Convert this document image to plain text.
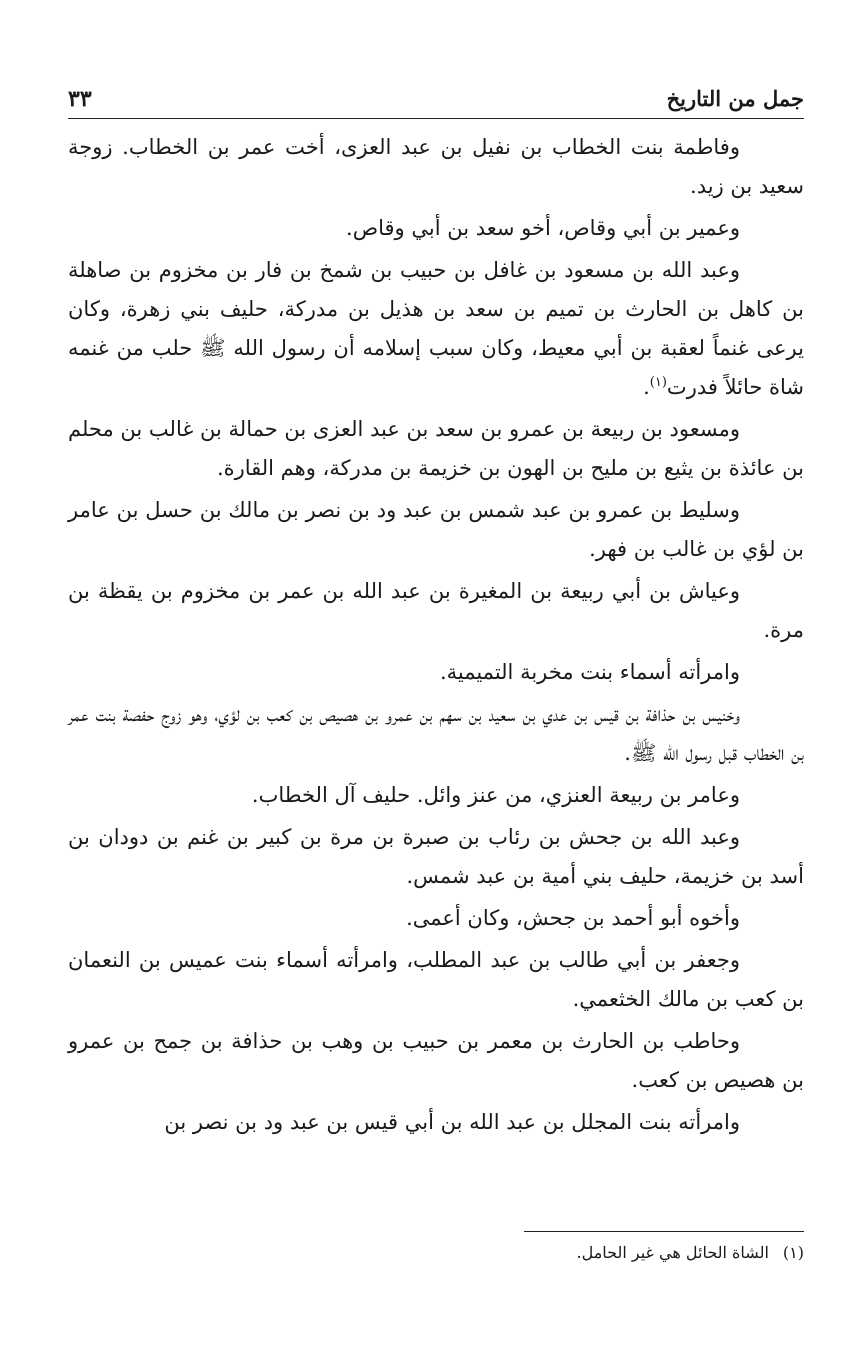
جمل من التاريخ
٣٣

وفاطمة بنت الخطاب بن نفيل بن عبد العزى، أخت عمر بن الخطاب. زوجة سعيد بن زيد.

وعمير بن أبي وقاص، أخو سعد بن أبي وقاص.

وعبد الله بن مسعود بن غافل بن حبيب بن شمخ بن فار بن مخزوم بن صاهلة بن كاهل بن الحارث بن تميم بن سعد بن هذيل بن مدركة، حليف بني زهرة، وكان يرعى غنماً لعقبة بن أبي معيط، وكان سبب إسلامه أن رسول الله ﷺ حلب من غنمه شاة حائلاً فدرت$^{(١)}$.

ومسعود بن ربيعة بن عمرو بن سعد بن عبد العزى بن حمالة بن غالب بن محلم بن عائذة بن يثيع بن مليح بن الهون بن خزيمة بن مدركة، وهم القارة.

وسليط بن عمرو بن عبد شمس بن عبد ود بن نصر بن مالك بن حسل بن عامر بن لؤي بن غالب بن فهر.

وعياش بن أبي ربيعة بن المغيرة بن عبد الله بن عمر بن مخزوم بن يقظة بن مرة.

وامرأته أسماء بنت مخربة التميمية.

وخنيس بن حذافة بن قيس بن عدي بن سعيد بن سهم بن عمرو بن هصيص بن كعب بن لؤي، وهو زوج حفصة بنت عمر بن الخطاب قبل رسول الله ﷺ.

وعامر بن ربيعة العنزي، من عنز وائل. حليف آل الخطاب.

وعبد الله بن جحش بن رئاب بن صبرة بن مرة بن كبير بن غنم بن دودان بن أسد بن خزيمة، حليف بني أمية بن عبد شمس.

وأخوه أبو أحمد بن جحش، وكان أعمى.

وجعفر بن أبي طالب بن عبد المطلب، وامرأته أسماء بنت عميس بن النعمان بن كعب بن مالك الخثعمي.

وحاطب بن الحارث بن معمر بن حبيب بن وهب بن حذافة بن جمح بن عمرو بن هصيص بن كعب.

وامرأته بنت المجلل بن عبد الله بن أبي قيس بن عبد ود بن نصر بن

(١)الشاة الحائل هي غير الحامل.
